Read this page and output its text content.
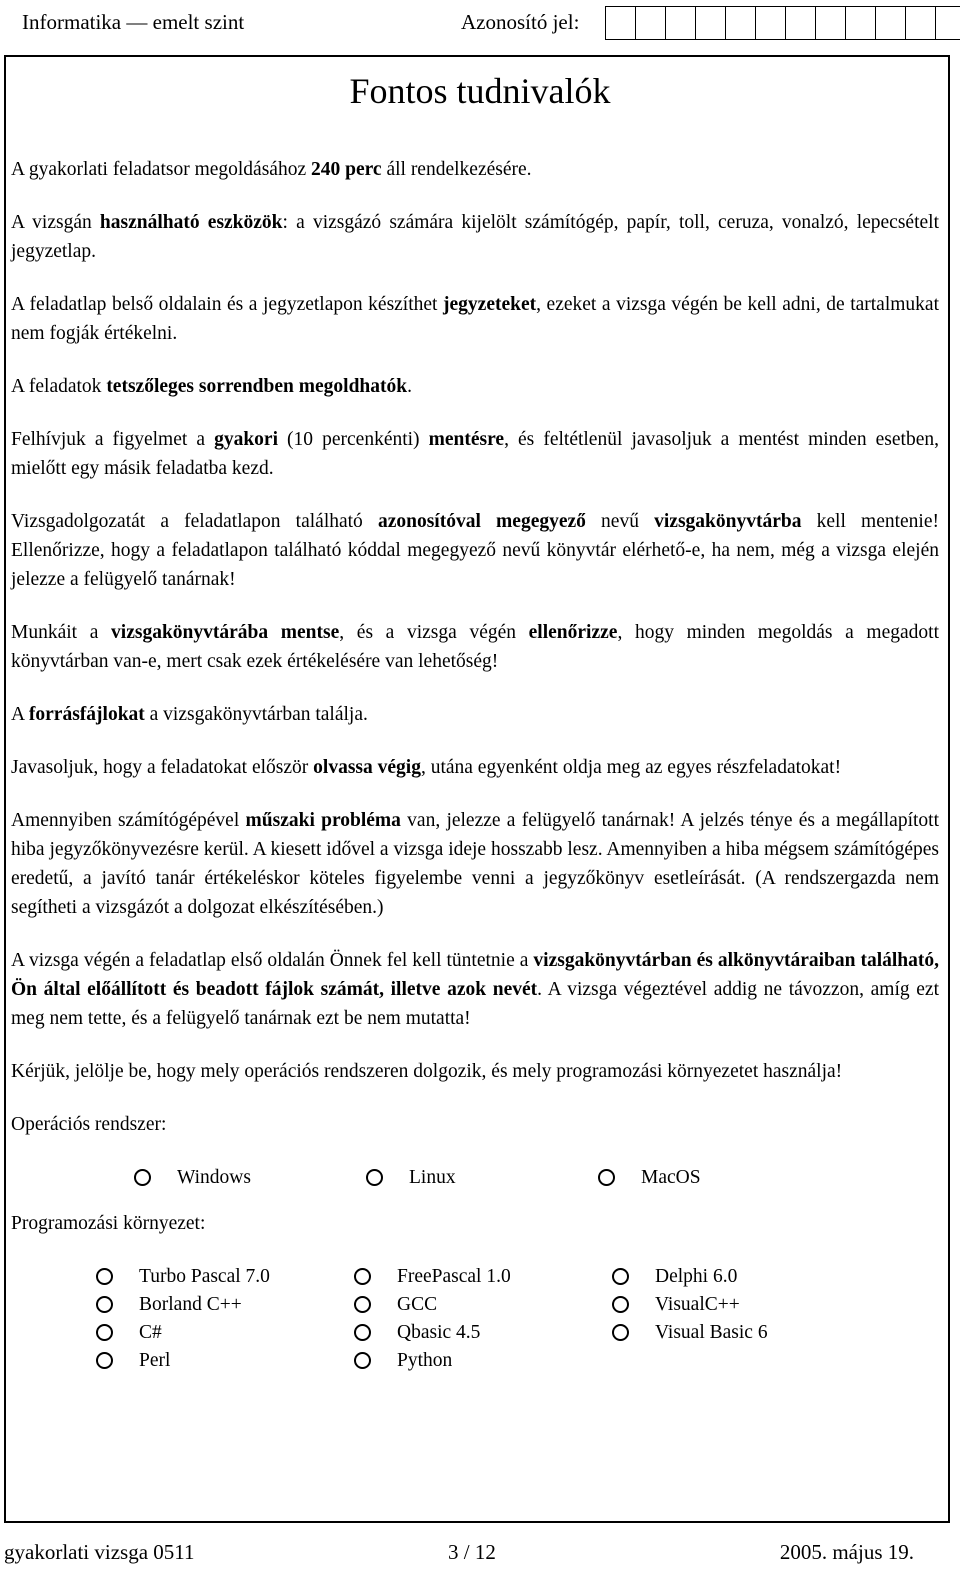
Informatika — emelt szint	Azonosító jel:
Fontos tudnivalók

A gyakorlati feladatsor megoldásához 240 perc áll rendelkezésére.

A vizsgán használható eszközök: a vizsgázó számára kijelölt számítógép, papír, toll, ceruza, vonalzó, lepecsételt jegyzetlap.

A feladatlap belső oldalain és a jegyzetlapon készíthet jegyzeteket, ezeket a vizsga végén be kell adni, de tartalmukat nem fogják értékelni.

A feladatok tetszőleges sorrendben megoldhatók.

Felhívjuk a figyelmet a gyakori (10 percenkénti) mentésre, és feltétlenül javasoljuk a mentést minden esetben, mielőtt egy másik feladatba kezd.

Vizsgadolgozatát a feladatlapon található azonosítóval megegyező nevű vizsgakönyvtárba kell mentenie! Ellenőrizze, hogy a feladatlapon található kóddal megegyező nevű könyvtár elérhető-e, ha nem, még a vizsga elején jelezze a felügyelő tanárnak!

Munkáit a vizsgakönyvtárába mentse, és a vizsga végén ellenőrizze, hogy minden megoldás a megadott könyvtárban van-e, mert csak ezek értékelésére van lehetőség!

A forrásfájlokat a vizsgakönyvtárban találja.

Javasoljuk, hogy a feladatokat először olvassa végig, utána egyenként oldja meg az egyes részfeladatokat!

Amennyiben számítógépével műszaki probléma van, jelezze a felügyelő tanárnak! A jelzés ténye és a megállapított hiba jegyzőkönyvezésre kerül. A kiesett idővel a vizsga ideje hosszabb lesz. Amennyiben a hiba mégsem számítógépes eredetű, a javító tanár értékeléskor köteles figyelembe venni a jegyzőkönyv esetleírását. (A rendszergazda nem segítheti a vizsgázót a dolgozat elkészítésében.)

A vizsga végén a feladatlap első oldalán Önnek fel kell tüntetnie a vizsgakönyvtárban és alkönyvtáraiban található, Ön által előállított és beadott fájlok számát, illetve azok nevét. A vizsga végeztével addig ne távozzon, amíg ezt meg nem tette, és a felügyelő tanárnak ezt be nem mutatta!

Kérjük, jelölje be, hogy mely operációs rendszeren dolgozik, és mely programozási környezetet használja!

Operációs rendszer:

Windows	Linux	MacOS

Programozási környezet:

Turbo Pascal 7.0	FreePascal 1.0	Delphi 6.0
Borland C++	GCC	VisualC++
C#	Qbasic 4.5	Visual Basic 6
Perl	Python
gyakorlati vizsga 0511	3 / 12	2005. május 19.
